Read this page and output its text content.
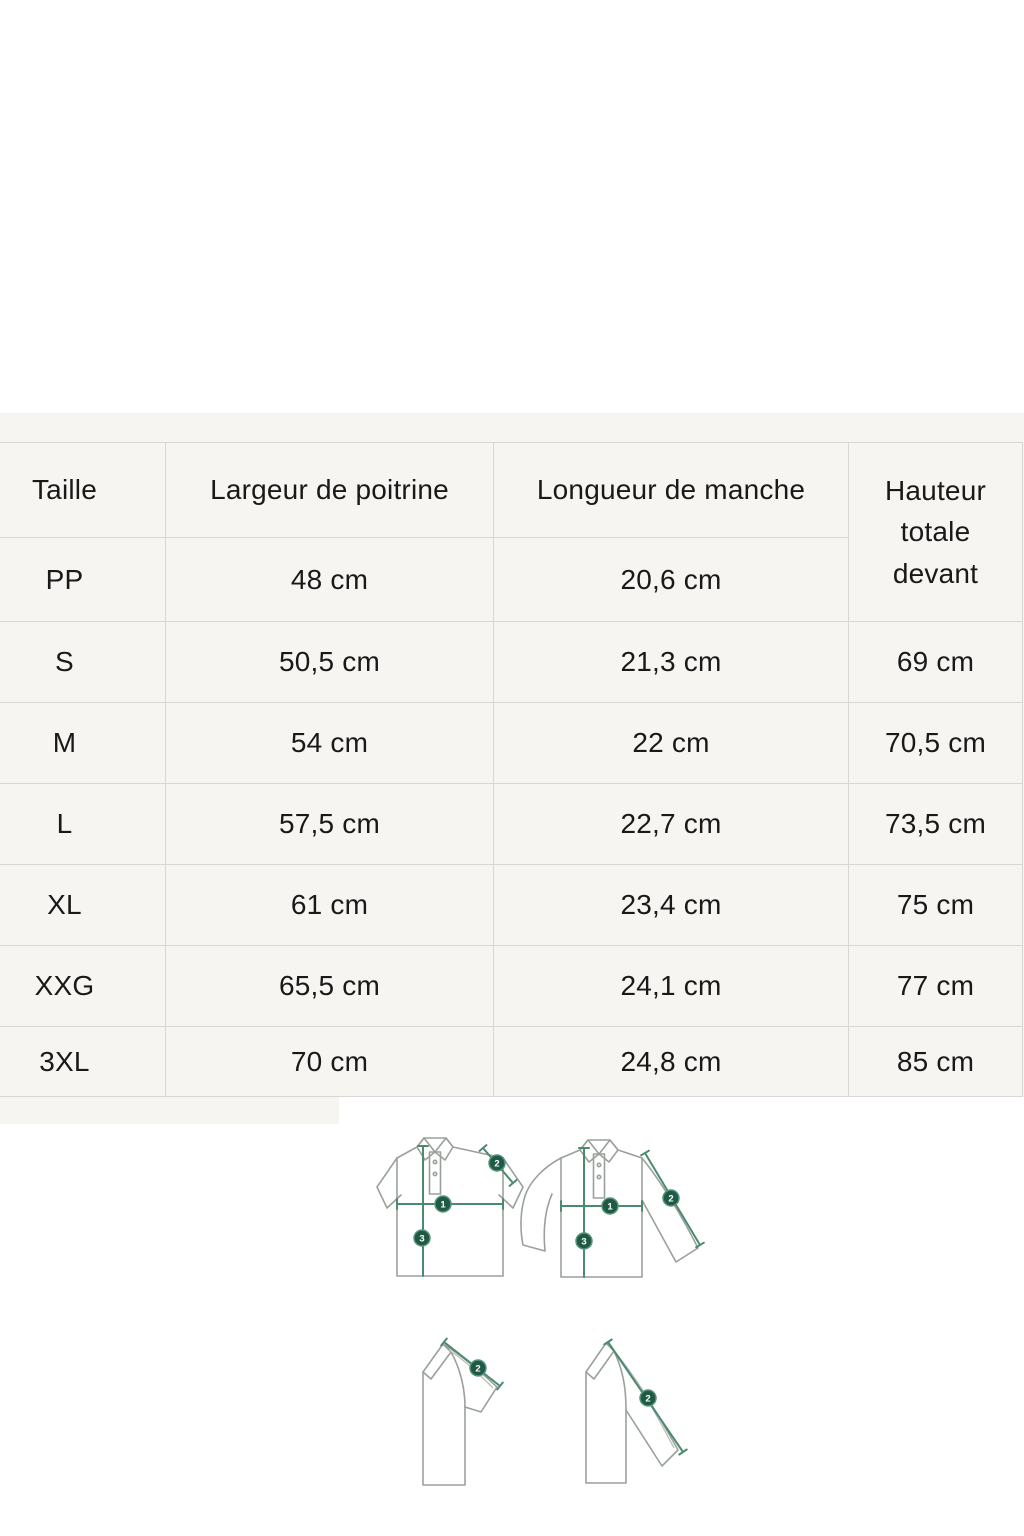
Taille	Largeur de poitrine	Longueur de manche	Hauteur totale devant
PP	48 cm	20,6 cm
S	50,5 cm	21,3 cm	69 cm
M	54 cm	22 cm	70,5 cm
L	57,5 cm	22,7 cm	73,5 cm
XL	61 cm	23,4 cm	75 cm
XXG	65,5 cm	24,1 cm	77 cm
3XL	70 cm	24,8 cm	85 cm
1
2
3
1
2
3
2
2
